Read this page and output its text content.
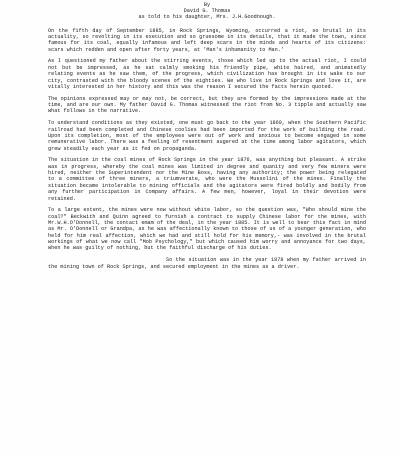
By
David G. Thomas
as told to his daughter, Mrs. J.H.Goodnough.

On the fifth day of September 1885, in Rock Springs, Wyoming, occurred a riot, so brutal in its actuality, so revolting in its execution and so gruesome in its details, that it made the town, since famous for its coal, equally infamous and left deep scars in the minds and hearts of its citizens: scars which redden and open after forty years, at 'Man's inhumanity to Man.'

As I questioned my father about the stirring events, those which led up to the actual riot, I could not but be impressed, as he sat calmly smoking his friendly pipe, white haired, and animatedly relating events as he saw them, of the progress, which civilization has brought in its wake to our city, contrasted with the bloody scenes of the eighties. We who live in Rock Springs and love it, are vitally interested in her history and this was the reason I secured the facts herein quoted.

The opinions expressed may or may not, be correct, but they are formed by the impressions made at the time, and are our own. My father David G. Thomas witnessed the riot from No. 3 tipple and actually saw what follows in the narrative.

To understand conditions as they existed, one must go back to the year 1869, when the Southern Pacific railroad had been completed and Chinese coolies had been imported for the work of building the road. Upon its completion, most of the employees were out of work and anxious to become engaged in some remunerative labor. There was a feeling of resentment augered at the time among labor agitators, which grew steadily each year as it fed on propaganda.

The situation in the coal mines of Rock Springs in the year 1876, was anything but pleasant. A strike was in progress, whereby the coal mines was limited in degree and quanity and very few miners were hired, neither the Superintendent nor the Mine Boss, having any authority; the power being relegated to a committee of three miners, a triumverate, who were the Mussolini of the mines. Finally the situation became intolerable to mining officials and the agitators were fired boldly and bodily from any further participation in Company affairs. A few men, however, loyal in their devotion were retained.

To a large extent, the mines were now without white labor, so the question was, "Who should mine the coal?" Beckwith and Quinn agreed to furnish a contract to supply Chinese labor for the mines, with Mr.W.H.O'Donnell, the contact emam of the deal, in the year 1885. It is well to bear this fact in mind as Mr. O'Donnell or Grandpa, as he was affectionally known to those of us of a younger generation, who held for him real affection, which we had and still hold for his memory,- was involved in the brutal workings of what we now call "Mob Psychology," but which caused him worry and annoyance for two days, when he was guilty of nothing, but the faithful discharge of his duties.

So the situation was in the year 1878 when my father arrived in the mining town of Rock Springs, and secured employment in the mines as a driver.
